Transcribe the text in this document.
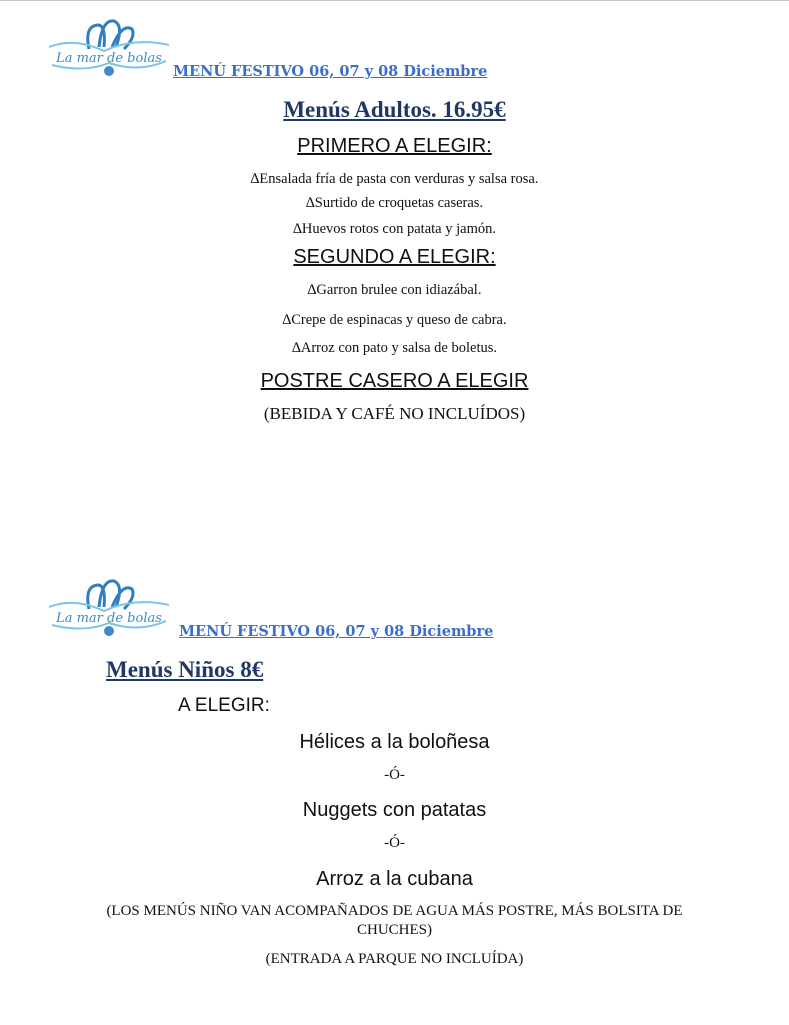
La mar de bolas
MENÚ FESTIVO 06, 07 y 08 Diciembre
Menús Adultos. 16.95€
PRIMERO A ELEGIR:
∆Ensalada fría de pasta con verduras y salsa rosa.
∆Surtido de croquetas caseras.
∆Huevos rotos con patata y jamón.
SEGUNDO A ELEGIR:
∆Garron brulee con idiazábal.
∆Crepe de espinacas y queso de cabra.
∆Arroz con pato y salsa de boletus.
POSTRE CASERO A ELEGIR
(BEBIDA Y CAFÉ NO INCLUÍDOS)
La mar de bolas
MENÚ FESTIVO 06, 07 y 08 Diciembre
Menús Niños 8€
A ELEGIR:
Hélices a la boloñesa
-Ó-
Nuggets con patatas
-Ó-
Arroz a la cubana
(LOS MENÚS NIÑO VAN ACOMPAÑADOS DE AGUA MÁS POSTRE, MÁS BOLSITA DE
CHUCHES)
(ENTRADA A PARQUE NO INCLUÍDA)
